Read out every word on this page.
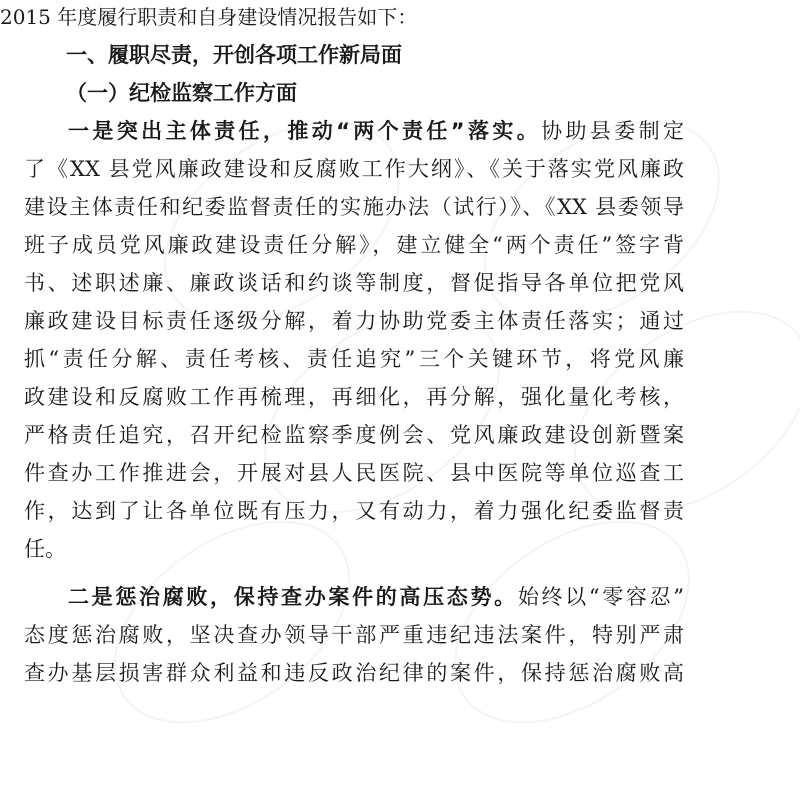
2015 年度履行职责和自身建设情况报告如下：
一、履职尽责，开创各项工作新局面
（一）纪检监察工作方面
一是突出主体责任，推动“两个责任”落实。协助县委制定
了《XX 县党风廉政建设和反腐败工作大纲》、《关于落实党风廉政
建设主体责任和纪委监督责任的实施办法（试行）》、《XX 县委领导
班子成员党风廉政建设责任分解》，建立健全“两个责任”签字背
书、述职述廉、廉政谈话和约谈等制度，督促指导各单位把党风
廉政建设目标责任逐级分解，着力协助党委主体责任落实；通过
抓“责任分解、责任考核、责任追究”三个关键环节，将党风廉
政建设和反腐败工作再梳理，再细化，再分解，强化量化考核，
严格责任追究，召开纪检监察季度例会、党风廉政建设创新暨案
件查办工作推进会，开展对县人民医院、县中医院等单位巡查工
作，达到了让各单位既有压力，又有动力，着力强化纪委监督责
任。
二是惩治腐败，保持查办案件的高压态势。始终以“零容忍”
态度惩治腐败，坚决查办领导干部严重违纪违法案件，特别严肃
查办基层损害群众利益和违反政治纪律的案件，保持惩治腐败高
